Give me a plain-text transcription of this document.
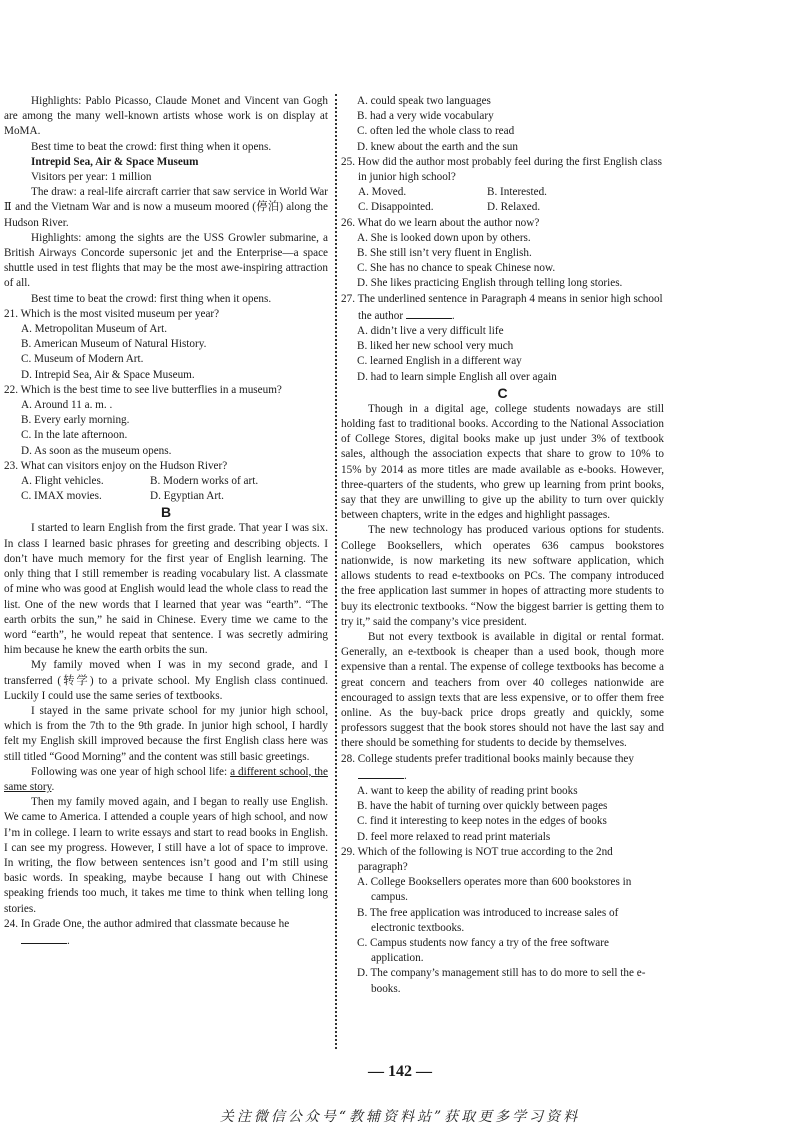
Highlights: Pablo Picasso, Claude Monet and Vincent van Gogh are among the many well-known artists whose work is on display at MoMA.

Best time to beat the crowd: first thing when it opens.

Intrepid Sea, Air & Space Museum

Visitors per year: 1 million

The draw: a real-life aircraft carrier that saw service in World War Ⅱ and the Vietnam War and is now a museum moored (停泊) along the Hudson River.

Highlights: among the sights are the USS Growler submarine, a British Airways Concorde supersonic jet and the Enterprise—a space shuttle used in test flights that may be the most awe-inspiring attraction of all.

Best time to beat the crowd: first thing when it opens.

21. Which is the most visited museum per year?

A. Metropolitan Museum of Art.

B. American Museum of Natural History.

C. Museum of Modern Art.

D. Intrepid Sea, Air & Space Museum.

22. Which is the best time to see live butterflies in a museum?

A. Around 11 a. m. .

B. Every early morning.

C. In the late afternoon.

D. As soon as the museum opens.

23. What can visitors enjoy on the Hudson River?

A. Flight vehicles.	B. Modern works of art.
C. IMAX movies.	D. Egyptian Art.

B

I started to learn English from the first grade. That year I was six. In class I learned basic phrases for greeting and describing objects. I don’t have much memory for the first year of English learning. The only thing that I still remember is reading vocabulary list. A classmate of mine who was good at English would lead the whole class to read the list. One of the new words that I learned that year was “earth”. “The earth orbits the sun,” he said in Chinese. Every time we came to the word “earth”, he would repeat that sentence. I was secretly admiring him because he knew the earth orbits the sun.

My family moved when I was in my second grade, and I transferred (转学) to a private school. My English class continued. Luckily I could use the same series of textbooks.

I stayed in the same private school for my junior high school, which is from the 7th to the 9th grade. In junior high school, I hardly felt my English skill improved because the first English class here was still titled “Good Morning” and the content was still basic greetings.

Following was one year of high school life: a different school, the same story.

Then my family moved again, and I began to really use English. We came to America. I attended a couple years of high school, and now I’m in college. I learn to write essays and start to read books in English. I can see my progress. However, I still have a lot of space to improve. In writing, the flow between sentences isn’t good and I’m still using basic words. In speaking, maybe because I hang out with Chinese speaking friends too much, it takes me time to think when telling long stories.

24. In Grade One, the author admired that classmate because he .

A. could speak two languages

B. had a very wide vocabulary

C. often led the whole class to read

D. knew about the earth and the sun

25. How did the author most probably feel during the first English class in junior high school?

A. Moved.	B. Interested.
C. Disappointed.	D. Relaxed.

26. What do we learn about the author now?

A. She is looked down upon by others.

B. She still isn’t very fluent in English.

C. She has no chance to speak Chinese now.

D. She likes practicing English through telling long stories.

27. The underlined sentence in Paragraph 4 means in senior high school the author	.

A. didn’t live a very difficult life

B. liked her new school very much

C. learned English in a different way

D. had to learn simple English all over again

C

Though in a digital age, college students nowadays are still holding fast to traditional books. According to the National Association of College Stores, digital books make up just under 3% of textbook sales, although the association expects that share to grow to 10% to 15% by 2014 as more titles are made available as e-books. However, three-quarters of the students, who grew up learning from print books, say that they are unwilling to give up the ability to turn over quickly between chapters, write in the edges and highlight passages.

The new technology has produced various options for students. College Booksellers, which operates 636 campus bookstores nationwide, is now marketing its new software application, which allows students to read e-textbooks on PCs. The company introduced the free application last summer in hopes of attracting more students to buy its electronic textbooks. “Now the biggest barrier is getting them to try it,” said the company’s vice president.

But not every textbook is available in digital or rental format. Generally, an e-textbook is cheaper than a used book, though more expensive than a rental. The expense of college textbooks has become a great concern and teachers from over 40 colleges nationwide are encouraged to assign texts that are less expensive, or to offer them free online. As the buy-back price drops greatly and quickly, some professors suggest that the book stores should not have the last say and there should be something for students to decide by themselves.

28. College students prefer traditional books mainly because they .

A. want to keep the ability of reading print books

B. have the habit of turning over quickly between pages

C. find it interesting to keep notes in the edges of books

D. feel more relaxed to read print materials

29. Which of the following is NOT true according to the 2nd paragraph?

A. College Booksellers operates more than 600 bookstores in campus.

B. The free application was introduced to increase sales of electronic textbooks.

C. Campus students now fancy a try of the free software application.

D. The company’s management still has to do more to sell the e-books.

— 142 —
关注微信公众号“教辅资料站”获取更多学习资料
